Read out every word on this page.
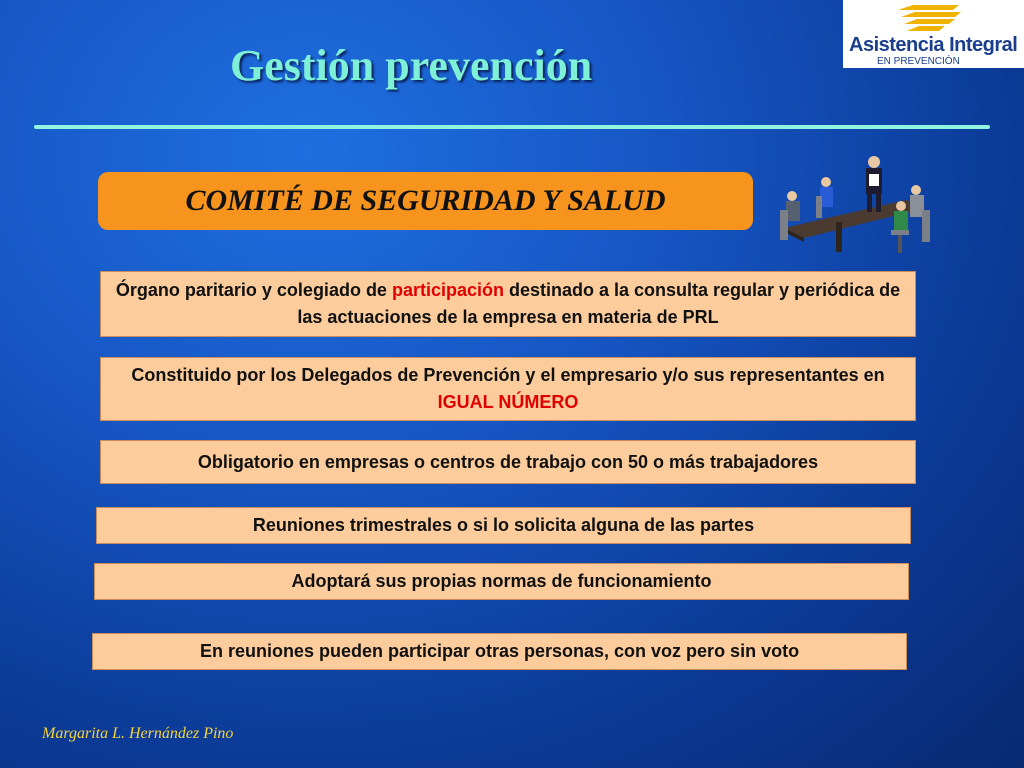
Gestión prevención	Asistencia Integral
EN PREVENCIÓN
COMITÉ DE SEGURIDAD Y SALUD
Órgano paritario y colegiado de participación destinado a la consulta regular y periódica de las actuaciones de la empresa en materia de PRL
Constituido por los Delegados de Prevención y el empresario y/o sus representantes en IGUAL NÚMERO
Obligatorio en empresas o centros de trabajo con 50 o más trabajadores
Reuniones trimestrales o si lo solicita alguna de las partes
Adoptará sus propias normas de funcionamiento
En reuniones pueden participar otras personas, con voz pero sin voto
Margarita L. Hernández Pino
